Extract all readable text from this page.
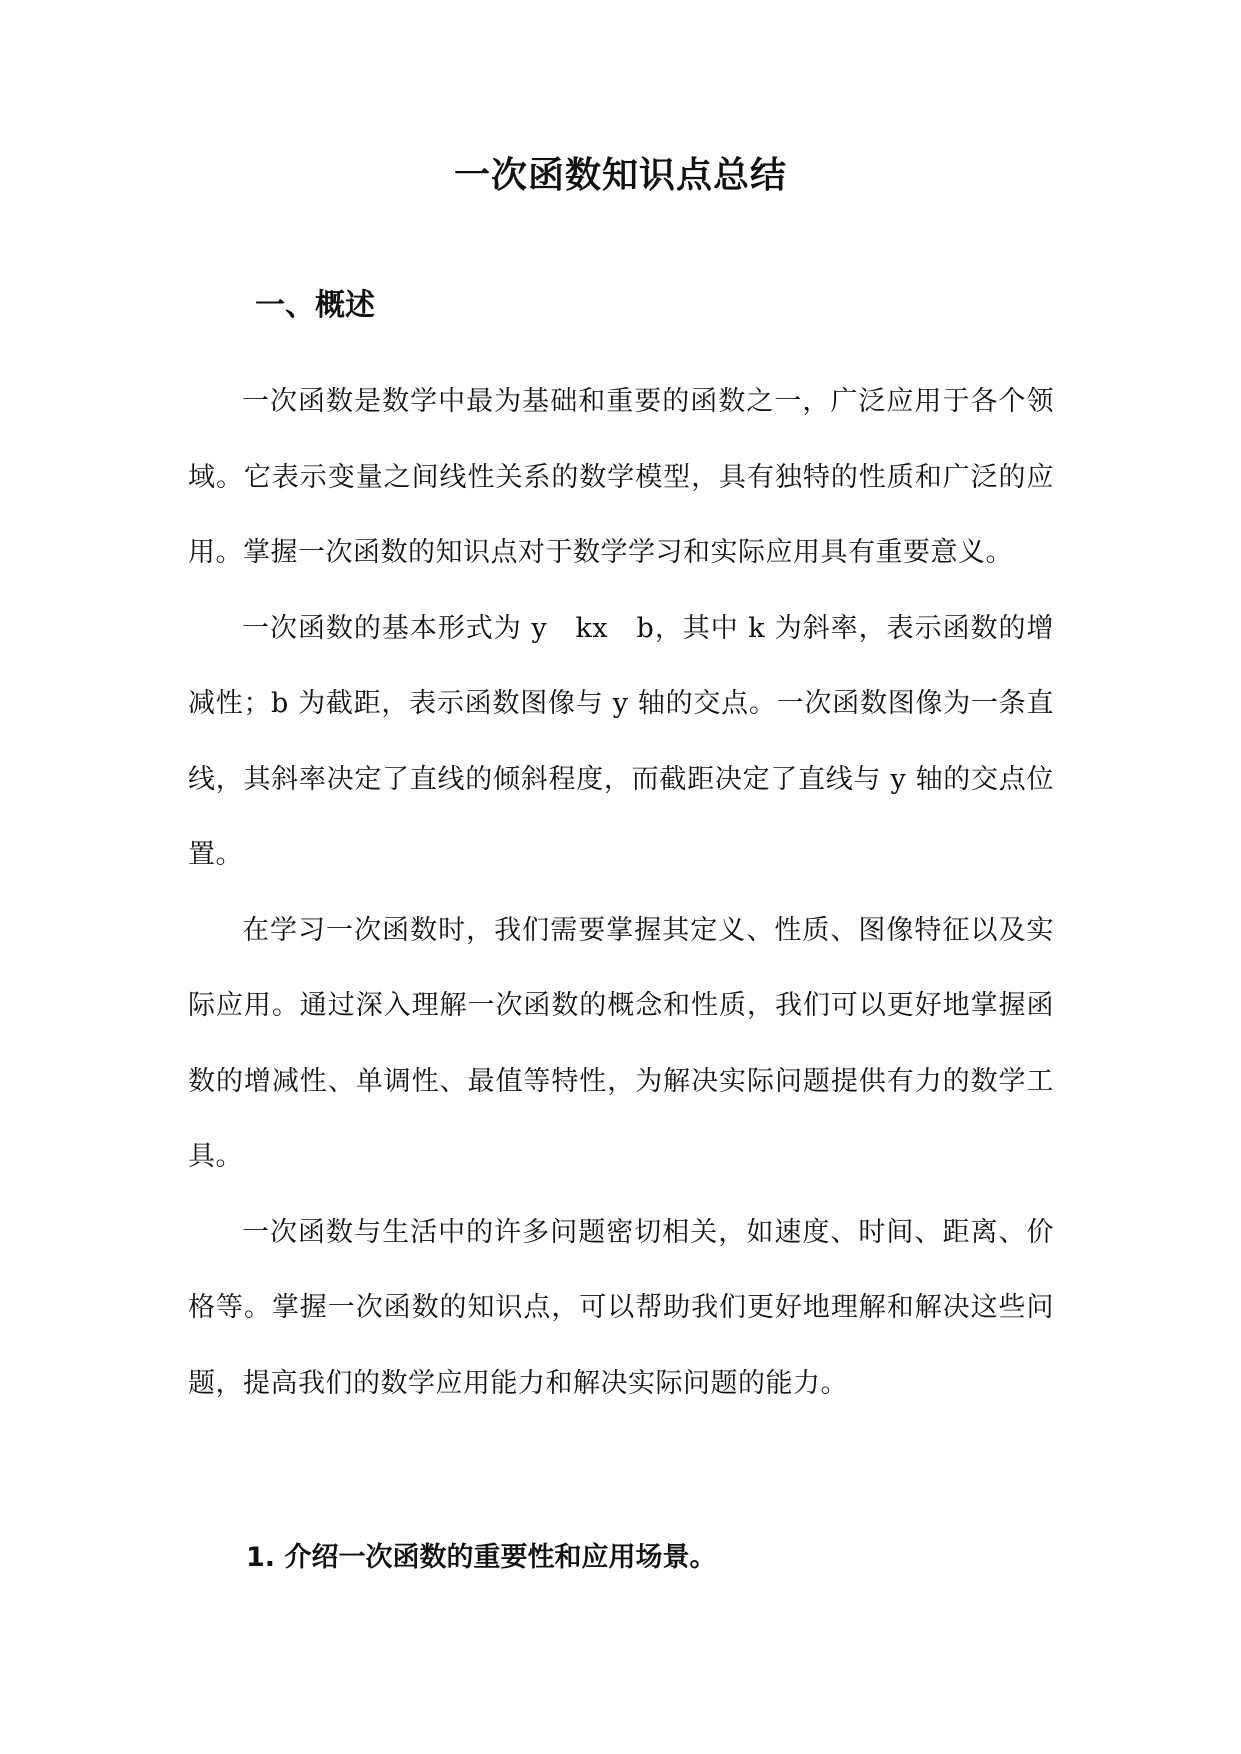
一次函数知识点总结
一、概述

一次函数是数学中最为基础和重要的函数之一，广泛应用于各个领域。它表示变量之间线性关系的数学模型，具有独特的性质和广泛的应用。掌握一次函数的知识点对于数学学习和实际应用具有重要意义。

一次函数的基本形式为 y　kx　b，其中 k 为斜率，表示函数的增减性；b 为截距，表示函数图像与 y 轴的交点。一次函数图像为一条直线，其斜率决定了直线的倾斜程度，而截距决定了直线与 y 轴的交点位置。

在学习一次函数时，我们需要掌握其定义、性质、图像特征以及实际应用。通过深入理解一次函数的概念和性质，我们可以更好地掌握函数的增减性、单调性、最值等特性，为解决实际问题提供有力的数学工具。

一次函数与生活中的许多问题密切相关，如速度、时间、距离、价格等。掌握一次函数的知识点，可以帮助我们更好地理解和解决这些问题，提高我们的数学应用能力和解决实际问题的能力。

1. 介绍一次函数的重要性和应用场景。
